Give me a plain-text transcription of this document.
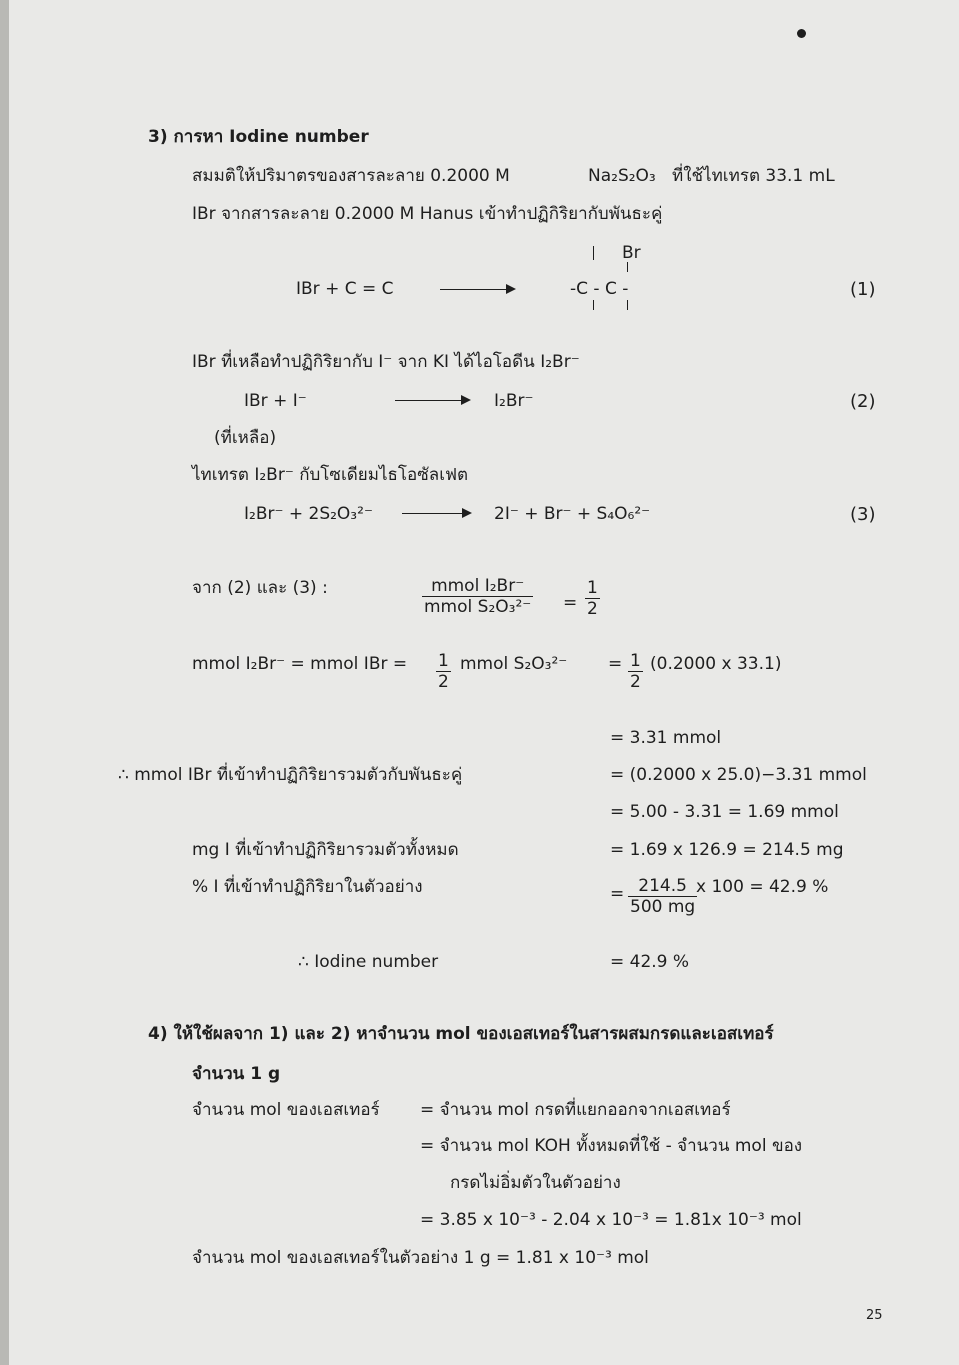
3) การหา Iodine number
สมมติให้ปริมาตรของสารละลาย 0.2000 M	Na₂S₂O₃ ที่ใช้ไทเทรต 33.1 mL
IBr จากสารละลาย 0.2000 M Hanus เข้าทำปฏิกิริยากับพันธะคู่
Br
IBr + C = C	-C - C -	(1)
IBr ที่เหลือทำปฏิกิริยากับ I⁻ จาก KI ได้ไอโอดีน I₂Br⁻
IBr + I⁻	I₂Br⁻	(2)
(ที่เหลือ)
ไทเทรต I₂Br⁻ กับโซเดียมไธโอซัลเฟต
I₂Br⁻ + 2S₂O₃²⁻	2I⁻ + Br⁻ + S₄O₆²⁻	(3)
จาก (2) และ (3) :	mmol I₂Br⁻
mmol $S_2O_3^{2-} = \frac{1}{2}$
mmol I₂Br⁻ = mmol IBr = $\frac{1}{2}$ mmol $S_2O_3^{2-} = \frac{1}{2} (0.2000$ x 33.1)
= 3.31 mmol
∴ mmol IBr ที่เข้าทำปฏิกิริยารวมตัวกับพันธะคู่	= (0.2000 x 25.0)−3.31 mmol
= 5.00 - 3.31 = 1.69 mmol
mg I ที่เข้าทำปฏิกิริยารวมตัวทั้งหมด	= 1.69 x 126.9 = 214.5 mg
% I ที่เข้าทำปฏิกิริยาในตัวอย่าง	= $\frac{214.5}{500 mg}$
x 100 = 42.9 %
∴ Iodine number	= 42.9 %
4) ให้ใช้ผลจาก 1) และ 2) หาจำนวน mol ของเอสเทอร์ในสารผสมกรดและเอสเทอร์
จำนวน 1 g
จำนวน mol ของเอสเทอร์ = จำนวน mol กรดที่แยกออกจากเอสเทอร์
= จำนวน mol KOH ทั้งหมดที่ใช้ - จำนวน mol ของ
กรดไม่อิ่มตัวในตัวอย่าง
= 3.85 x 10⁻³ - 2.04 x 10⁻³ = 1.81x 10⁻³ mol
จำนวน mol ของเอสเทอร์ในตัวอย่าง 1 g = 1.81 x 10⁻³ mol
25
